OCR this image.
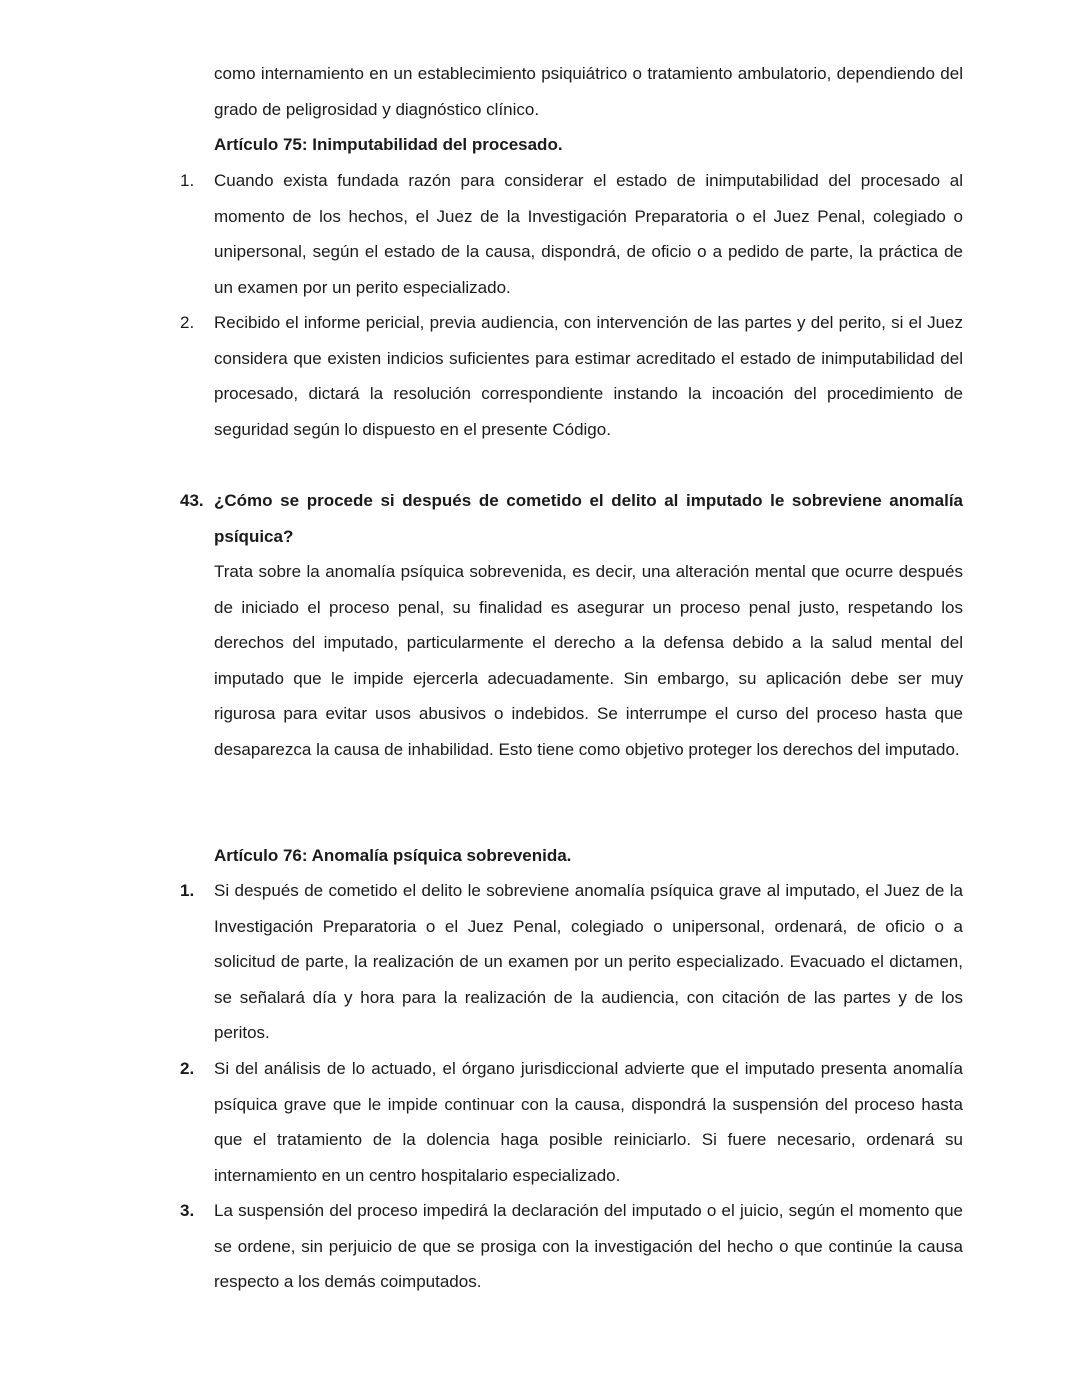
como internamiento en un establecimiento psiquiátrico o tratamiento ambulatorio, dependiendo del grado de peligrosidad y diagnóstico clínico.
Artículo 75: Inimputabilidad del procesado.
1. Cuando exista fundada razón para considerar el estado de inimputabilidad del procesado al momento de los hechos, el Juez de la Investigación Preparatoria o el Juez Penal, colegiado o unipersonal, según el estado de la causa, dispondrá, de oficio o a pedido de parte, la práctica de un examen por un perito especializado.
2. Recibido el informe pericial, previa audiencia, con intervención de las partes y del perito, si el Juez considera que existen indicios suficientes para estimar acreditado el estado de inimputabilidad del procesado, dictará la resolución correspondiente instando la incoación del procedimiento de seguridad según lo dispuesto en el presente Código.
43. ¿Cómo se procede si después de cometido el delito al imputado le sobreviene anomalía psíquica?
Trata sobre la anomalía psíquica sobrevenida, es decir, una alteración mental que ocurre después de iniciado el proceso penal, su finalidad es asegurar un proceso penal justo, respetando los derechos del imputado, particularmente el derecho a la defensa debido a la salud mental del imputado que le impide ejercerla adecuadamente. Sin embargo, su aplicación debe ser muy rigurosa para evitar usos abusivos o indebidos. Se interrumpe el curso del proceso hasta que desaparezca la causa de inhabilidad. Esto tiene como objetivo proteger los derechos del imputado.
Artículo 76: Anomalía psíquica sobrevenida.
1. Si después de cometido el delito le sobreviene anomalía psíquica grave al imputado, el Juez de la Investigación Preparatoria o el Juez Penal, colegiado o unipersonal, ordenará, de oficio o a solicitud de parte, la realización de un examen por un perito especializado. Evacuado el dictamen, se señalará día y hora para la realización de la audiencia, con citación de las partes y de los peritos.
2. Si del análisis de lo actuado, el órgano jurisdiccional advierte que el imputado presenta anomalía psíquica grave que le impide continuar con la causa, dispondrá la suspensión del proceso hasta que el tratamiento de la dolencia haga posible reiniciarlo. Si fuere necesario, ordenará su internamiento en un centro hospitalario especializado.
3. La suspensión del proceso impedirá la declaración del imputado o el juicio, según el momento que se ordene, sin perjuicio de que se prosiga con la investigación del hecho o que continúe la causa respecto a los demás coimputados.
